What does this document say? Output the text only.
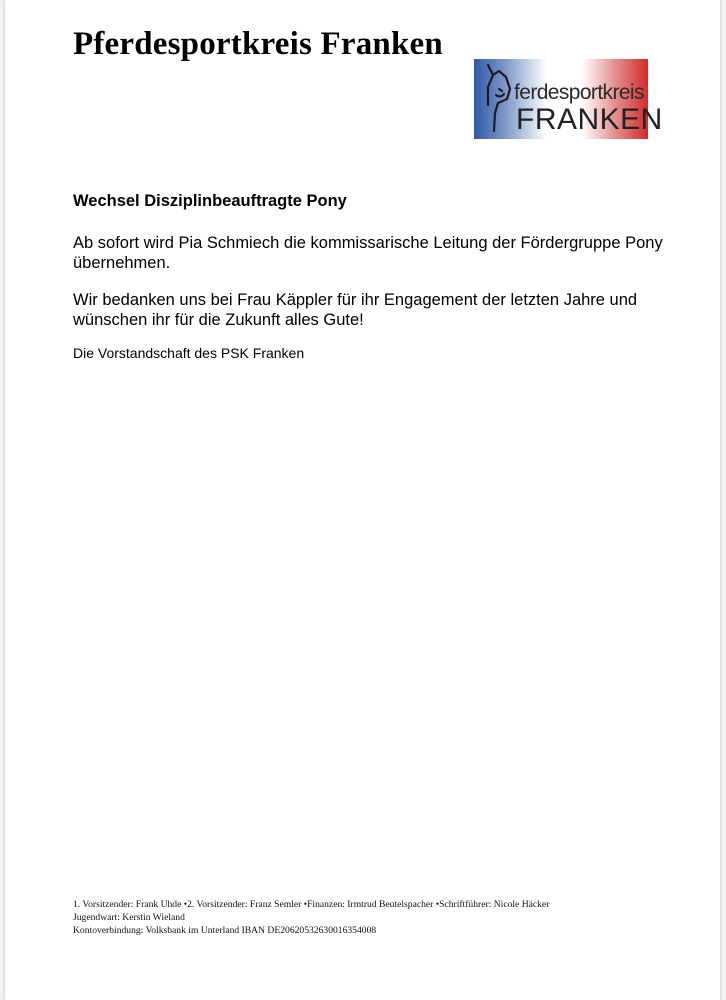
Pferdesportkreis Franken
ferdesportkreis
FRANKEN
Wechsel Disziplinbeauftragte Pony

Ab sofort wird Pia Schmiech die kommissarische Leitung der Fördergruppe Pony übernehmen.

Wir bedanken uns bei Frau Käppler für ihr Engagement der letzten Jahre und wünschen ihr für die Zukunft alles Gute!

Die Vorstandschaft des PSK Franken

1. Vorsitzender: Frank Uhde •2. Vorsitzender: Franz Semler •Finanzen: Irmtrud Beutelspacher •Schriftführer: Nicole Häcker
Jugendwart: Kerstin Wieland
Kontoverbindung: Volksbank im Unterland IBAN DE20620532630016354008
